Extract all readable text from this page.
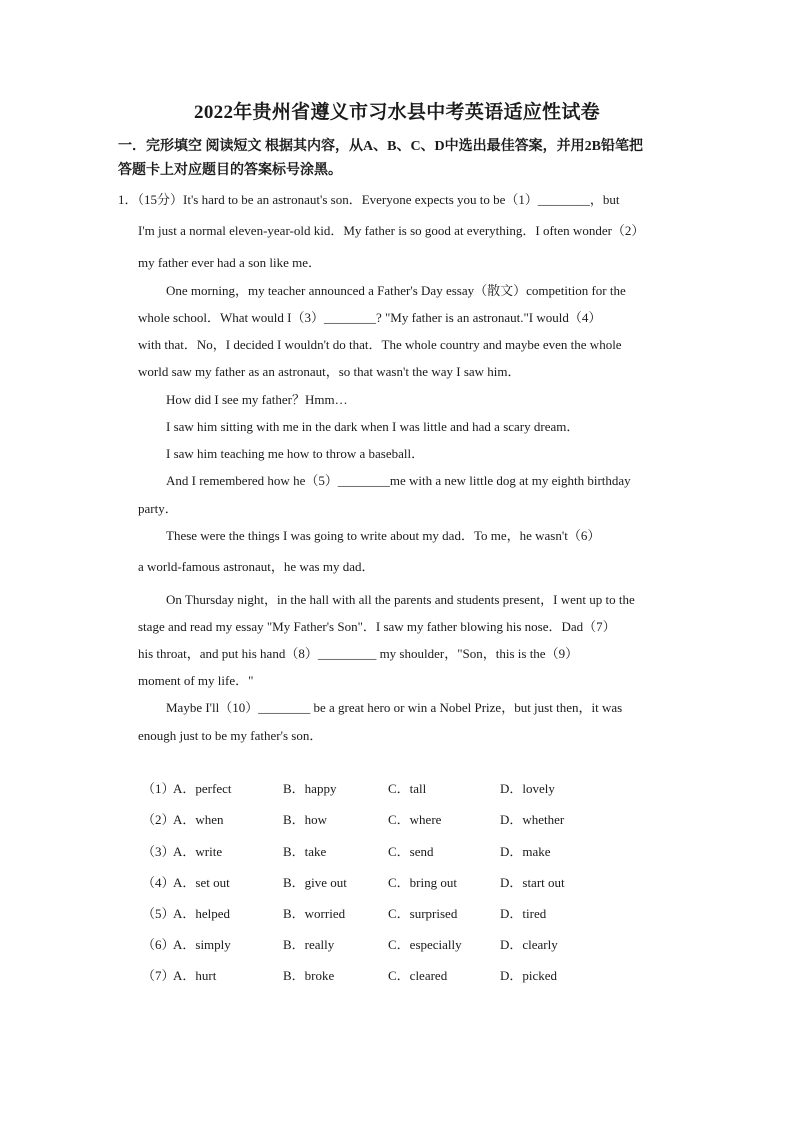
2022年贵州省遵义市习水县中考英语适应性试卷
一．完形填空 阅读短文 根据其内容，从A、B、C、D中选出最佳答案，并用2B铅笔把
答题卡上对应题目的答案标号涂黑。
1．（15分）It's hard to be an astronaut's son．Everyone expects you to be（1）________，but
I'm just a normal eleven-year-old kid．My father is so good at everything．I often wonder（2）
my father ever had a son like me．
One morning，my teacher announced a Father's Day essay（散文）competition for the
whole school．What would I（3）________? "My father is an astronaut."I would（4）
with that．No，I decided I wouldn't do that．The whole country and maybe even the whole
world saw my father as an astronaut，so that wasn't the way I saw him．
How did I see my father？Hmm…
I saw him sitting with me in the dark when I was little and had a scary dream．
I saw him teaching me how to throw a baseball．
And I remembered how he（5）________me with a new little dog at my eighth birthday
party．
These were the things I was going to write about my dad．To me，he wasn't（6）
a world-famous astronaut，he was my dad．
On Thursday night，in the hall with all the parents and students present，I went up to the
stage and read my essay "My Father's Son"．I saw my father blowing his nose．Dad（7）
his throat，and put his hand（8）_________ my shoulder，"Son，this is the（9）
moment of my life．"
Maybe I'll（10）________ be a great hero or win a Nobel Prize，but just then，it was
enough just to be my father's son．
（1）
A．perfect	B．happy	C．tall	D．lovely
（2）
A．when	B．how	C．where	D．whether
（3）
A．write	B．take	C．send	D．make
（4）
A．set out	B．give out	C．bring out	D．start out
（5）
A．helped	B．worried	C．surprised	D．tired
（6）
A．simply	B．really	C．especially	D．clearly
（7）
A．hurt	B．broke	C．cleared	D．picked
